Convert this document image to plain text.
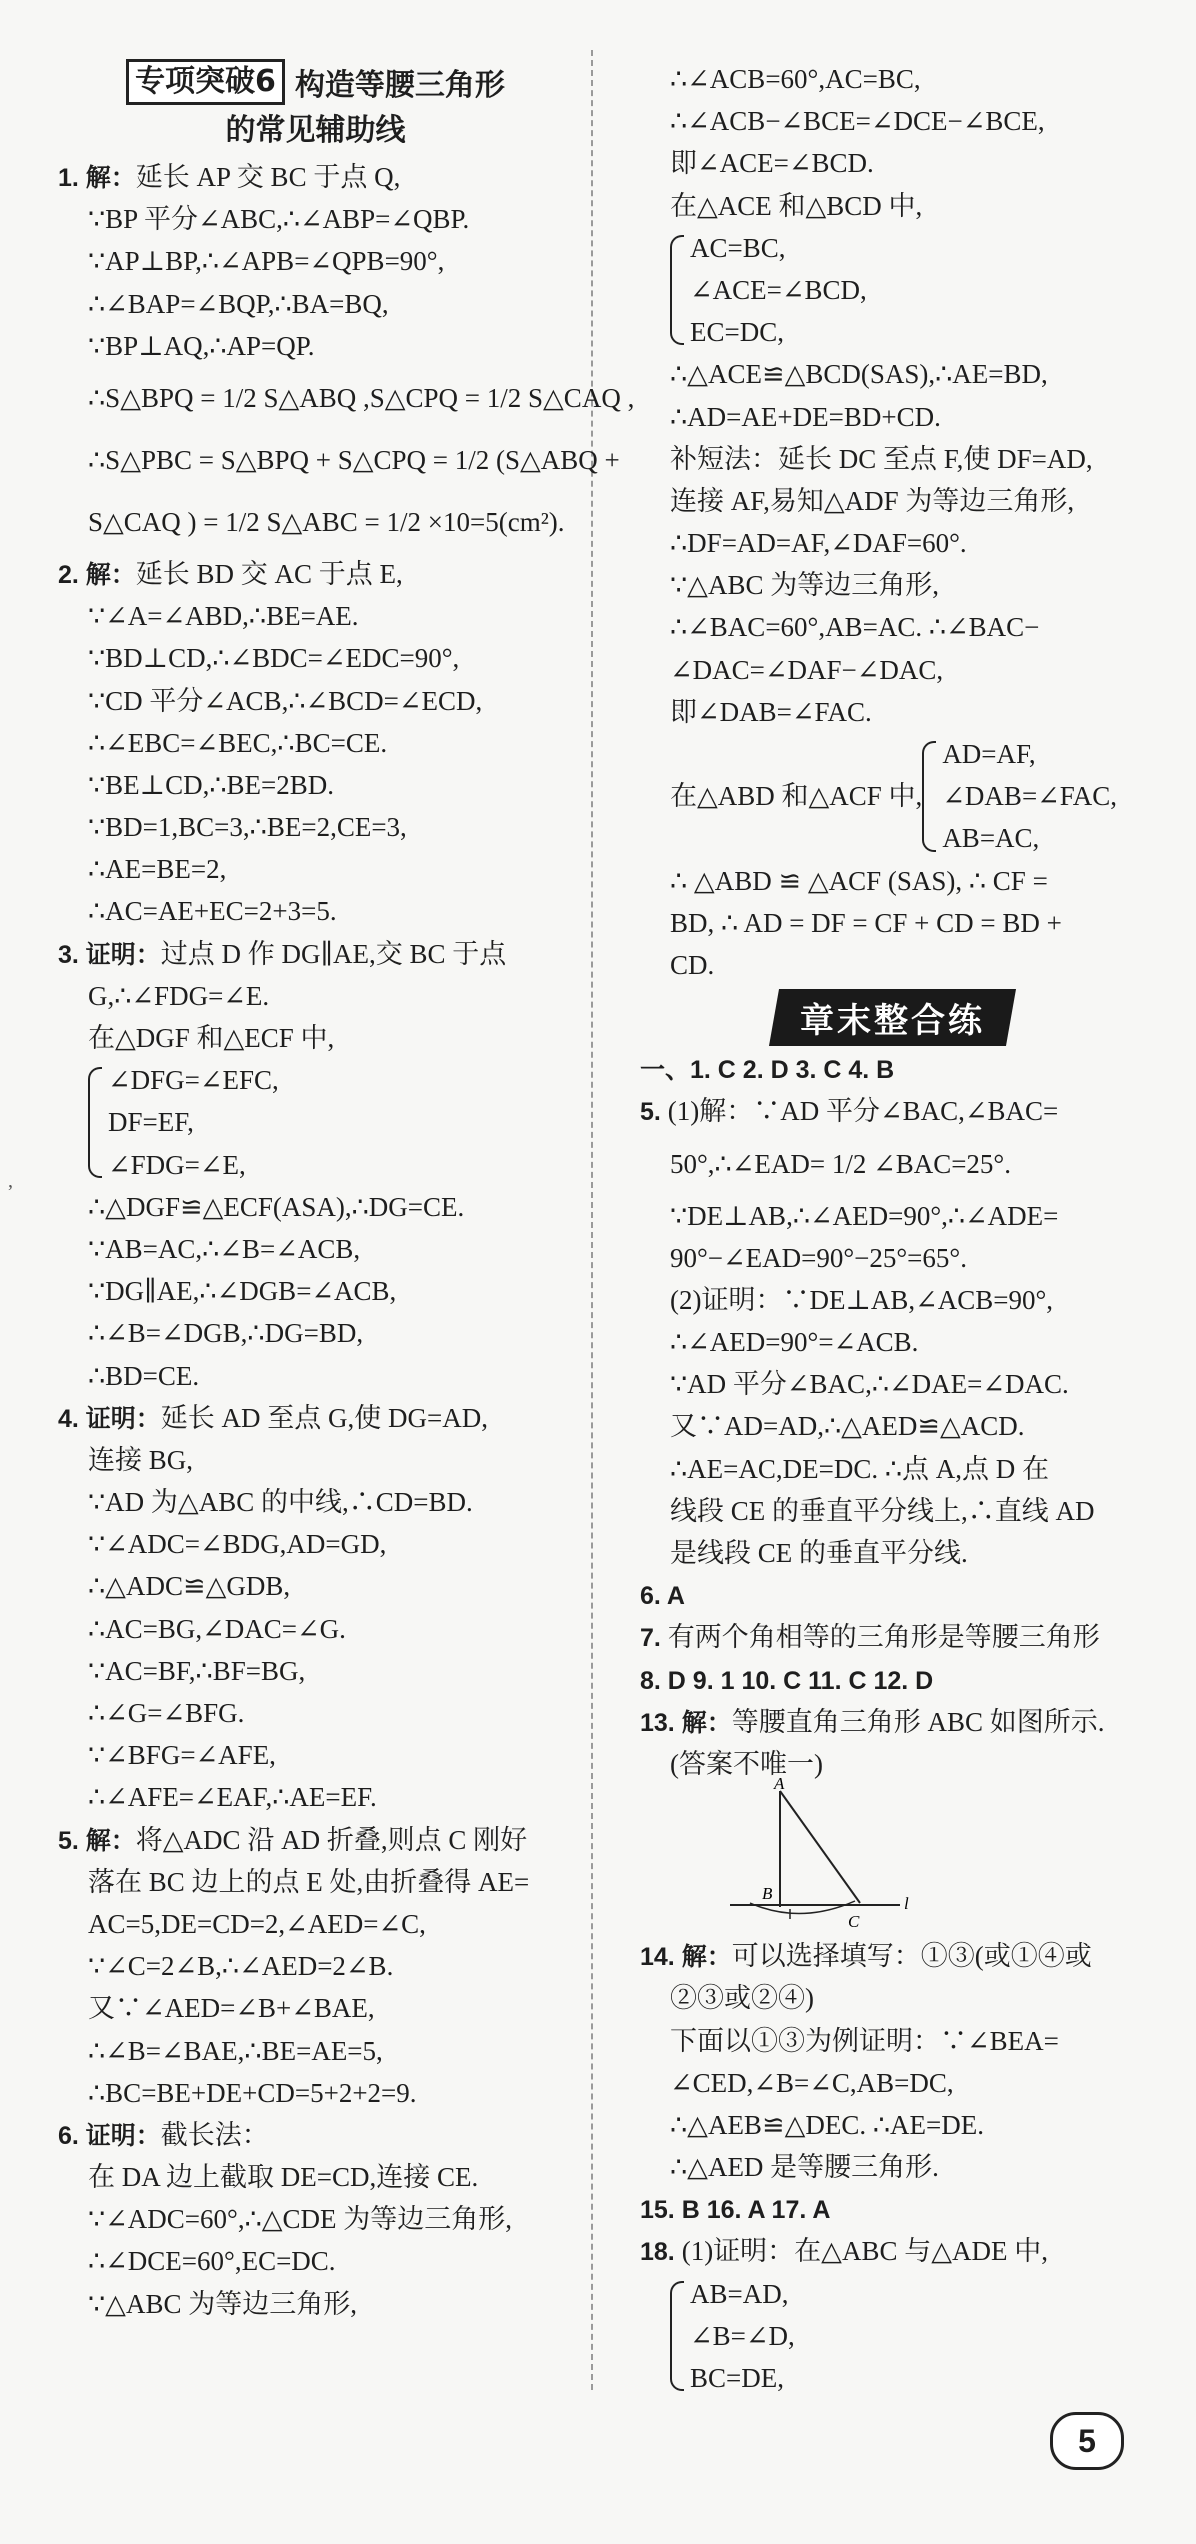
,
专项突破6 构造等腰三角形
的常见辅助线
1. 解：延长 AP 交 BC 于点 Q,
∵BP 平分∠ABC,∴∠ABP=∠QBP.
∵AP⊥BP,∴∠APB=∠QPB=90°,
∴∠BAP=∠BQP,∴BA=BQ,
∵BP⊥AQ,∴AP=QP.
∴S△BPQ = 1/2 S△ABQ ,S△CPQ = 1/2 S△CAQ ,
∴S△PBC = S△BPQ + S△CPQ = 1/2 (S△ABQ +
S△CAQ ) = 1/2 S△ABC = 1/2 ×10=5(cm²).
2. 解：延长 BD 交 AC 于点 E,
∵∠A=∠ABD,∴BE=AE.
∵BD⊥CD,∴∠BDC=∠EDC=90°,
∵CD 平分∠ACB,∴∠BCD=∠ECD,
∴∠EBC=∠BEC,∴BC=CE.
∵BE⊥CD,∴BE=2BD.
∵BD=1,BC=3,∴BE=2,CE=3,
∴AE=BE=2,
∴AC=AE+EC=2+3=5.
3. 证明：过点 D 作 DG∥AE,交 BC 于点
G,∴∠FDG=∠E.
在△DGF 和△ECF 中,
∠DFG=∠EFC,
DF=EF,
∠FDG=∠E,
∴△DGF≌△ECF(ASA),∴DG=CE.
∵AB=AC,∴∠B=∠ACB,
∵DG∥AE,∴∠DGB=∠ACB,
∴∠B=∠DGB,∴DG=BD,
∴BD=CE.
4. 证明：延长 AD 至点 G,使 DG=AD,
连接 BG,
∵AD 为△ABC 的中线,∴CD=BD.
∵∠ADC=∠BDG,AD=GD,
∴△ADC≌△GDB,
∴AC=BG,∠DAC=∠G.
∵AC=BF,∴BF=BG,
∴∠G=∠BFG.
∵∠BFG=∠AFE,
∴∠AFE=∠EAF,∴AE=EF.
5. 解：将△ADC 沿 AD 折叠,则点 C 刚好
落在 BC 边上的点 E 处,由折叠得 AE=
AC=5,DE=CD=2,∠AED=∠C,
∵∠C=2∠B,∴∠AED=2∠B.
又∵∠AED=∠B+∠BAE,
∴∠B=∠BAE,∴BE=AE=5,
∴BC=BE+DE+CD=5+2+2=9.
6. 证明：截长法：
在 DA 边上截取 DE=CD,连接 CE.
∵∠ADC=60°,∴△CDE 为等边三角形,
∴∠DCE=60°,EC=DC.
∵△ABC 为等边三角形,
∴∠ACB=60°,AC=BC,
∴∠ACB−∠BCE=∠DCE−∠BCE,
即∠ACE=∠BCD.
在△ACE 和△BCD 中,
AC=BC,
∠ACE=∠BCD,
EC=DC,
∴△ACE≌△BCD(SAS),∴AE=BD,
∴AD=AE+DE=BD+CD.
补短法：延长 DC 至点 F,使 DF=AD,
连接 AF,易知△ADF 为等边三角形,
∴DF=AD=AF,∠DAF=60°.
∵△ABC 为等边三角形,
∴∠BAC=60°,AB=AC. ∴∠BAC−
∠DAC=∠DAF−∠DAC,
即∠DAB=∠FAC.
在△ABD 和△ACF 中,
AD=AF,
∠DAB=∠FAC,
AB=AC,
∴ △ABD ≌ △ACF (SAS), ∴ CF =
BD, ∴ AD = DF = CF + CD = BD +
CD.
章末整合练
一、1. C 2. D 3. C 4. B
5. (1)解：∵AD 平分∠BAC,∠BAC=
50°,∴∠EAD= 1/2 ∠BAC=25°.
∵DE⊥AB,∴∠AED=90°,∴∠ADE=
90°−∠EAD=90°−25°=65°.
(2)证明：∵DE⊥AB,∠ACB=90°,
∴∠AED=90°=∠ACB.
∵AD 平分∠BAC,∴∠DAE=∠DAC.
又∵AD=AD,∴△AED≌△ACD.
∴AE=AC,DE=DC. ∴点 A,点 D 在
线段 CE 的垂直平分线上,∴直线 AD
是线段 CE 的垂直平分线.
6. A
7. 有两个角相等的三角形是等腰三角形
8. D 9. 1 10. C 11. C 12. D
13. 解：等腰直角三角形 ABC 如图所示.
(答案不唯一)
A
B
C
l
14. 解：可以选择填写：①③(或①④或
②③或②④)
下面以①③为例证明：∵∠BEA=
∠CED,∠B=∠C,AB=DC,
∴△AEB≌△DEC. ∴AE=DE.
∴△AED 是等腰三角形.
15. B 16. A 17. A
18. (1)证明：在△ABC 与△ADE 中,
AB=AD,
∠B=∠D,
BC=DE,
5
